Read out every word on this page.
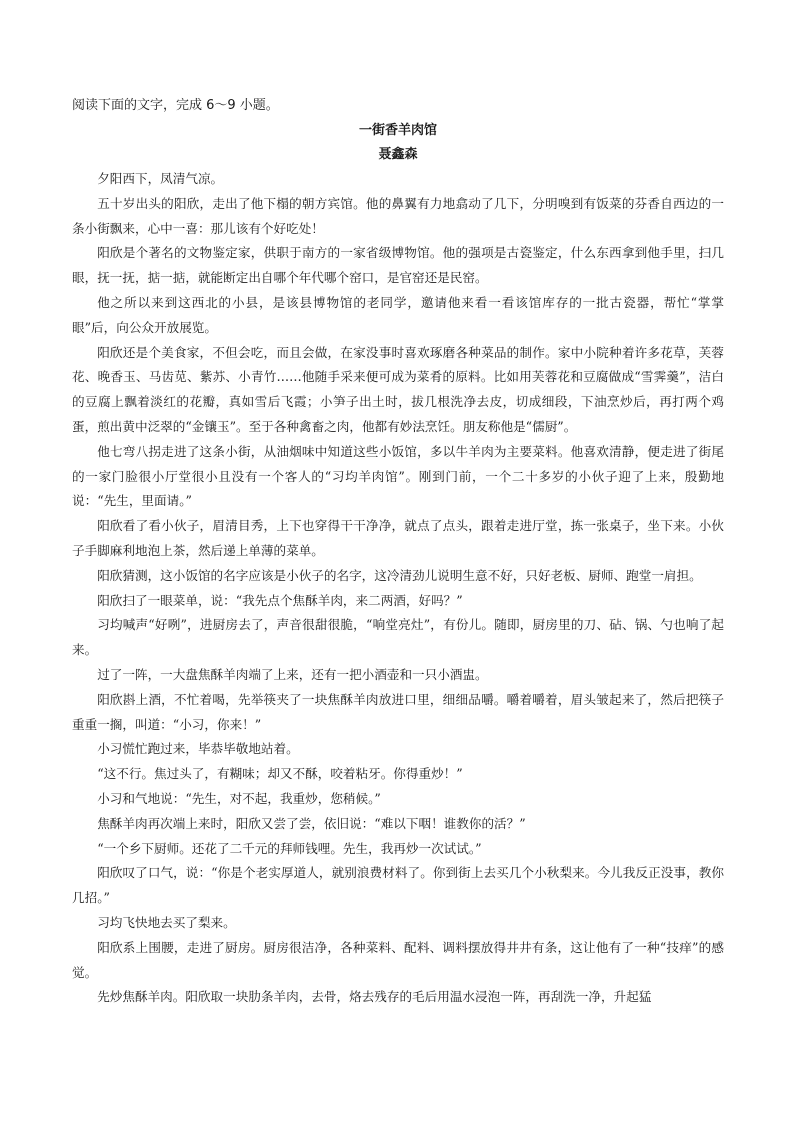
阅读下面的文字，完成 6～9 小题。

一街香羊肉馆

聂鑫森

夕阳西下，凤清气凉。

五十岁出头的阳欣，走出了他下榻的朝方宾馆。他的鼻翼有力地翕动了几下，分明嗅到有饭菜的芬香自西边的一条小街飘来，心中一喜：那儿该有个好吃处！

阳欣是个著名的文物鉴定家，供职于南方的一家省级博物馆。他的强项是古瓷鉴定，什么东西拿到他手里，扫几眼，抚一抚，掂一掂，就能断定出自哪个年代哪个窑口，是官窑还是民窑。

他之所以来到这西北的小县，是该县博物馆的老同学，邀请他来看一看该馆库存的一批古瓷器，帮忙“掌掌眼”后，向公众开放展览。

阳欣还是个美食家，不但会吃，而且会做，在家没事时喜欢琢磨各种菜品的制作。家中小院种着许多花草，芙蓉花、晚香玉、马齿苋、紫苏、小青竹……他随手采来便可成为菜肴的原料。比如用芙蓉花和豆腐做成“雪霁羹”，洁白的豆腐上飘着淡红的花瓣，真如雪后飞霞；小笋子出土时，拔几根洗净去皮，切成细段，下油烹炒后，再打两个鸡蛋，煎出黄中泛翠的“金镶玉”。至于各种禽畜之肉，他都有妙法烹饪。朋友称他是“儒厨”。

他七弯八拐走进了这条小街，从油烟味中知道这些小饭馆，多以牛羊肉为主要菜料。他喜欢清静，便走进了街尾的一家门脸很小厅堂很小且没有一个客人的“习均羊肉馆”。刚到门前，一个二十多岁的小伙子迎了上来，殷勤地说：“先生，里面请。”

阳欣看了看小伙子，眉清目秀，上下也穿得干干净净，就点了点头，跟着走进厅堂，拣一张桌子，坐下来。小伙子手脚麻利地泡上茶，然后递上单薄的菜单。

阳欣猜测，这小饭馆的名字应该是小伙子的名字，这冷清劲儿说明生意不好，只好老板、厨师、跑堂一肩担。

阳欣扫了一眼菜单，说：“我先点个焦酥羊肉，来二两酒，好吗？”

习均喊声“好咧”，进厨房去了，声音很甜很脆，“响堂亮灶”，有份儿。随即，厨房里的刀、砧、锅、勺也响了起来。

过了一阵，一大盘焦酥羊肉端了上来，还有一把小酒壶和一只小酒盅。

阳欣斟上酒，不忙着喝，先举筷夹了一块焦酥羊肉放进口里，细细品嚼。嚼着嚼着，眉头皱起来了，然后把筷子重重一搁，叫道：“小习，你来！”

小习慌忙跑过来，毕恭毕敬地站着。

“这不行。焦过头了，有糊味；却又不酥，咬着粘牙。你得重炒！”

小习和气地说：“先生，对不起，我重炒，您稍候。”

焦酥羊肉再次端上来时，阳欣又尝了尝，依旧说：“难以下咽！谁教你的活？”

“一个乡下厨师。还花了二千元的拜师钱哩。先生，我再炒一次试试。”

阳欣叹了口气，说：“你是个老实厚道人，就别浪费材料了。你到街上去买几个小秋梨来。今儿我反正没事，教你几招。”

习均飞快地去买了梨来。

阳欣系上围腰，走进了厨房。厨房很洁净，各种菜料、配料、调料摆放得井井有条，这让他有了一种“技痒”的感觉。

先炒焦酥羊肉。阳欣取一块肋条羊肉，去骨，烙去残存的毛后用温水浸泡一阵，再刮洗一净，升起猛
